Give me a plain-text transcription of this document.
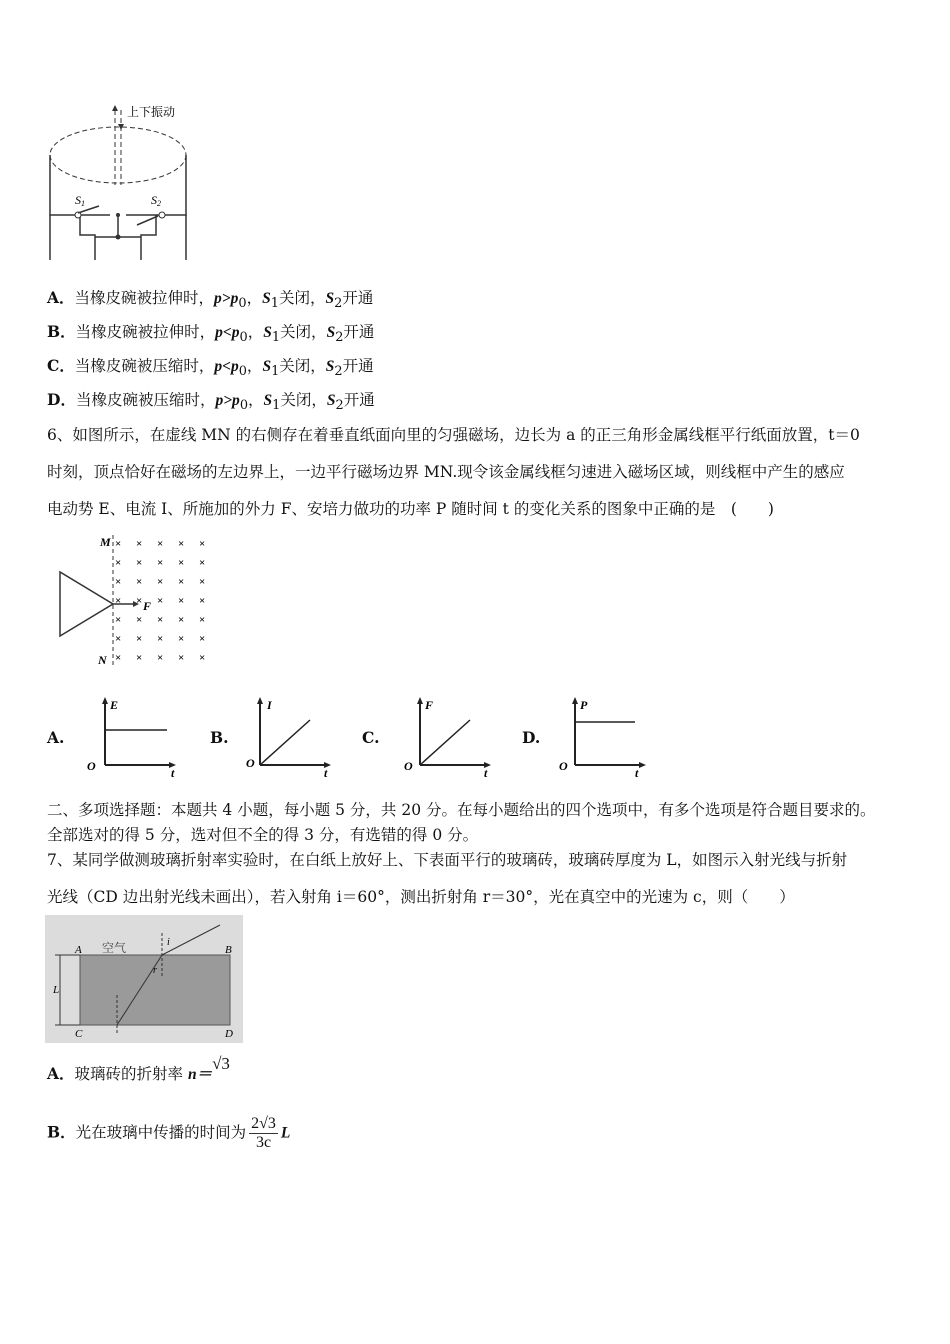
上下振动
S1	S2
A．当橡皮碗被拉伸时，$p>p_0$，$S_1$关闭，$S_2$开通
B．当橡皮碗被拉伸时，$p<p_0$，$S_1$关闭，$S_2$开通
C．当橡皮碗被压缩时，$p<p_0$，$S_1$关闭，$S_2$开通
D．当橡皮碗被压缩时，$p>p_0$，$S_1$关闭，$S_2$开通
6、如图所示，在虚线 MN 的右侧存在着垂直纸面向里的匀强磁场，边长为 a 的正三角形金属线框平行纸面放置，t＝0
时刻，顶点恰好在磁场的左边界上，一边平行磁场边界 MN.现令该金属线框匀速进入磁场区域，则线框中产生的感应
电动势 E、电流 I、所施加的外力 F、安培力做功的功率 P 随时间 t 的变化关系的图象中正确的是　(　　)
M
N
F
× × × × ×
× × × × ×
× × × × ×
× × × × ×
× × × × ×
× × × × ×
× × × × ×
A.
E
O	t
B.
I
O
t
C.
F
O	t
D.
P
O	t
二、多项选择题：本题共 4 小题，每小题 5 分，共 20 分。在每小题给出的四个选项中，有多个选项是符合题目要求的。
全部选对的得 5 分，选对但不全的得 3 分，有选错的得 0 分。
7、某同学做测玻璃折射率实验时，在白纸上放好上、下表面平行的玻璃砖，玻璃砖厚度为 L，如图示入射光线与折射
光线（CD 边出射光线未画出），若入射角 i＝60°，测出折射角 r＝30°，光在真空中的光速为 c，则（　　）
A	B
C	D
空气	i
r
L
A．玻璃砖的折射率 n＝√3
B．光在玻璃中传播的时间为 $\frac{2√3}{3c}$ L
